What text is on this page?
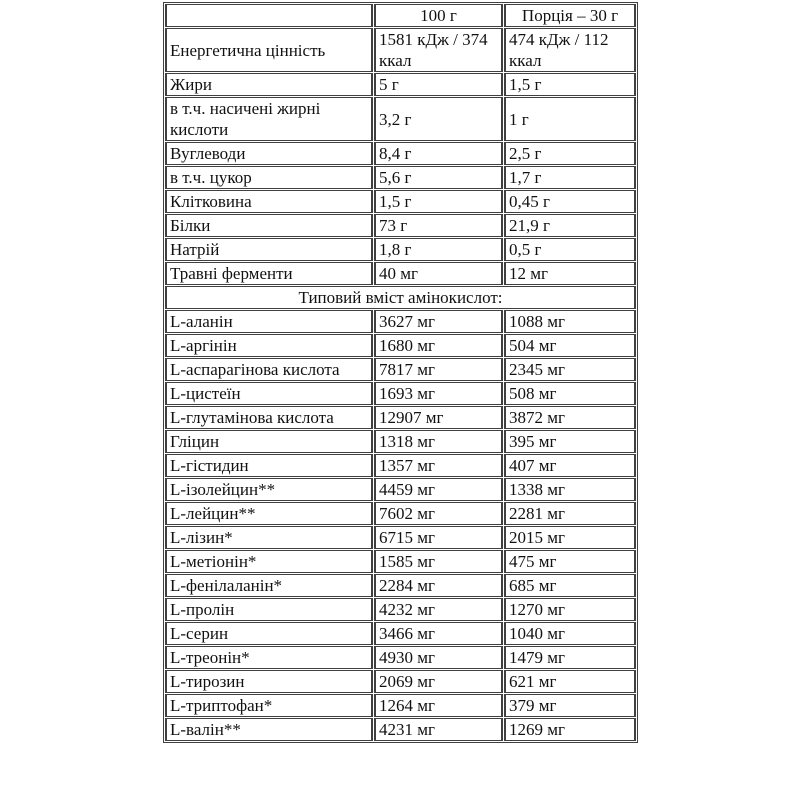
	100 г	Порція – 30 г
Енергетична цінність	1581 кДж / 374 ккал	474 кДж / 112 ккал
Жири	5 г	1,5 г
в т.ч. насичені жирні кислоти	3,2 г	1 г
Вуглеводи	8,4 г	2,5 г
в т.ч. цукор	5,6 г	1,7 г
Клітковина	1,5 г	0,45 г
Білки	73 г	21,9 г
Натрій	1,8 г	0,5 г
Травні ферменти	40 мг	12 мг
Типовий вміст амінокислот:		
L-аланін	3627 мг	1088 мг
L-аргінін	1680 мг	504 мг
L-аспарагінова кислота	7817 мг	2345 мг
L-цистеїн	1693 мг	508 мг
L-глутамінова кислота	12907 мг	3872 мг
Гліцин	1318 мг	395 мг
L-гістидин	1357 мг	407 мг
L-ізолейцин**	4459 мг	1338 мг
L-лейцин**	7602 мг	2281 мг
L-лізин*	6715 мг	2015 мг
L-метіонін*	1585 мг	475 мг
L-фенілаланін*	2284 мг	685 мг
L-пролін	4232 мг	1270 мг
L-серин	3466 мг	1040 мг
L-треонін*	4930 мг	1479 мг
L-тирозин	2069 мг	621 мг
L-триптофан*	1264 мг	379 мг
L-валін**	4231 мг	1269 мг
